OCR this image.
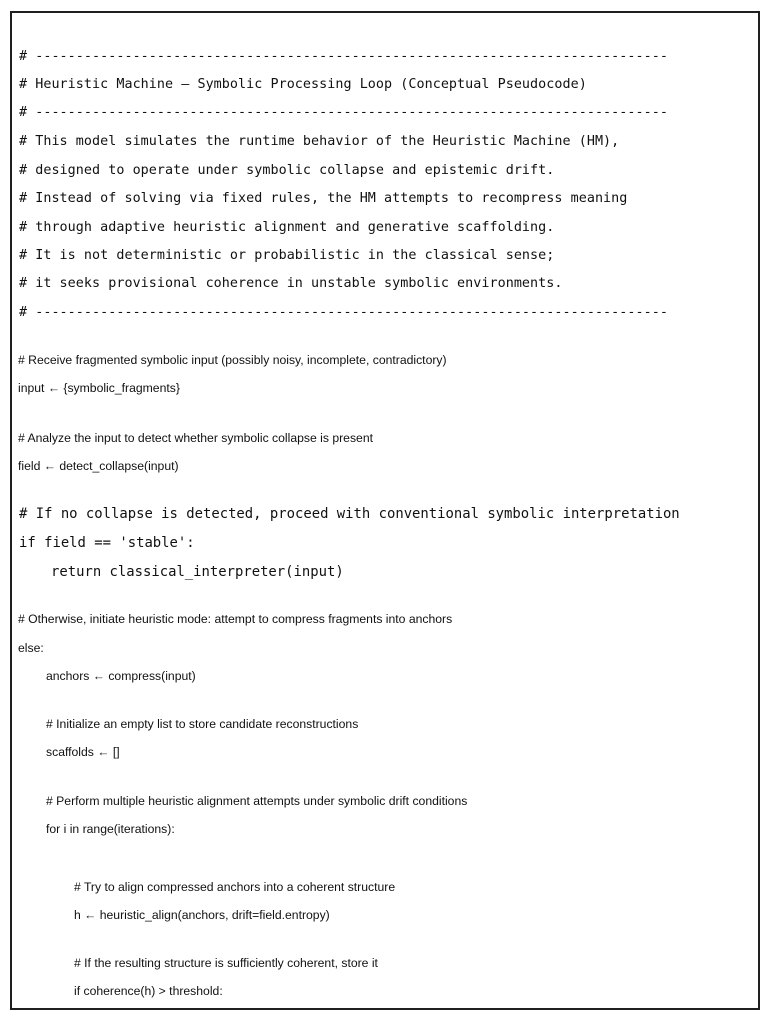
# ------------------------------------------------------------------------------
# Heuristic Machine – Symbolic Processing Loop (Conceptual Pseudocode)
# ------------------------------------------------------------------------------
# This model simulates the runtime behavior of the Heuristic Machine (HM),
# designed to operate under symbolic collapse and epistemic drift.
# Instead of solving via fixed rules, the HM attempts to recompress meaning
# through adaptive heuristic alignment and generative scaffolding.
# It is not deterministic or probabilistic in the classical sense;
# it seeks provisional coherence in unstable symbolic environments.
# ------------------------------------------------------------------------------
# Receive fragmented symbolic input (possibly noisy, incomplete, contradictory)
input ← {symbolic_fragments}
# Analyze the input to detect whether symbolic collapse is present
field ← detect_collapse(input)
# If no collapse is detected, proceed with conventional symbolic interpretation
if field == 'stable':
return classical_interpreter(input)
# Otherwise, initiate heuristic mode: attempt to compress fragments into anchors
else:
anchors ← compress(input)
# Initialize an empty list to store candidate reconstructions
scaffolds ← []
# Perform multiple heuristic alignment attempts under symbolic drift conditions
for i in range(iterations):
# Try to align compressed anchors into a coherent structure
h ← heuristic_align(anchors, drift=field.entropy)
# If the resulting structure is sufficiently coherent, store it
if coherence(h) > threshold:
